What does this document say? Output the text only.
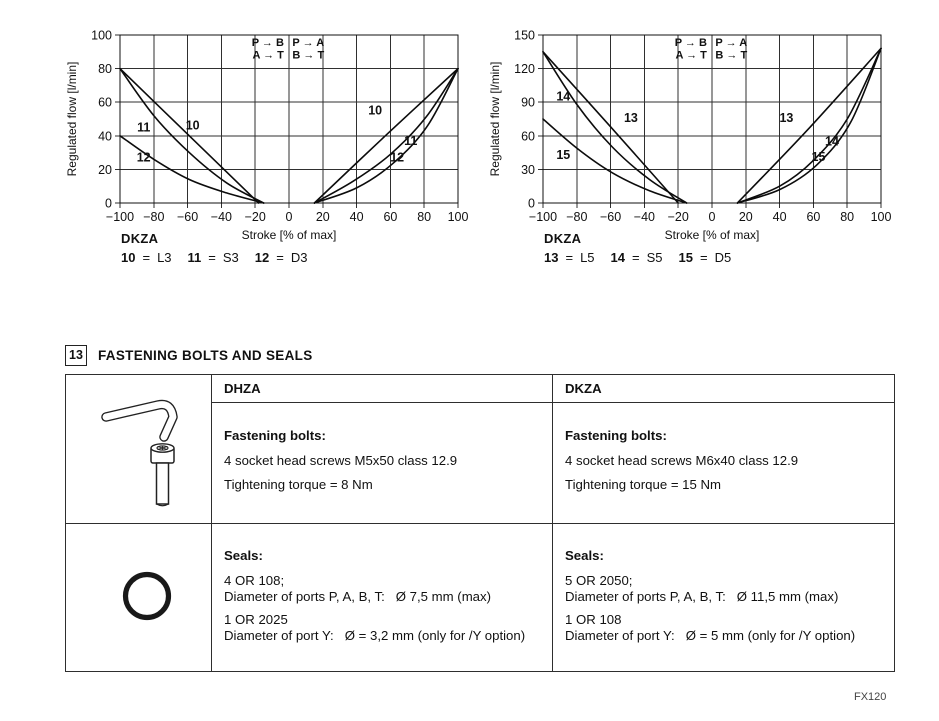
−100 −80 −60 −40 −20 0 20 40 60 80 100
0
20
40
60
80
100
Regulated flow [l/min]
Stroke [% of max]
P → B
A → T
P → A
B → T
10
11
12
10
11
12
DKZA
10 = L3 11 = S3 12 = D3
−100 −80 −60 −40 −20 0 20 40 60 80 100
0
30
60
90
120
150
Regulated flow [l/min]
Stroke [% of max]
P → B
A → T
P → A
B → T
14
13
15
13
14
15
DKZA
13 = L5 14 = S5 15 = D5
13 FASTENING BOLTS AND SEALS
DHZA
Fastening bolts:
4 socket head screws M5x50 class 12.9
Tightening torque = 8 Nm
DKZA
Fastening bolts:
4 socket head screws M6x40 class 12.9
Tightening torque = 15 Nm
Seals:
4 OR 108;
Diameter of ports P, A, B, T:   Ø 7,5 mm (max)
1 OR 2025
Diameter of port Y:   Ø = 3,2 mm (only for /Y option)
Seals:
5 OR 2050;
Diameter of ports P, A, B, T:   Ø 11,5 mm (max)
1 OR 108
Diameter of port Y:   Ø = 5 mm (only for /Y option)
FX120
